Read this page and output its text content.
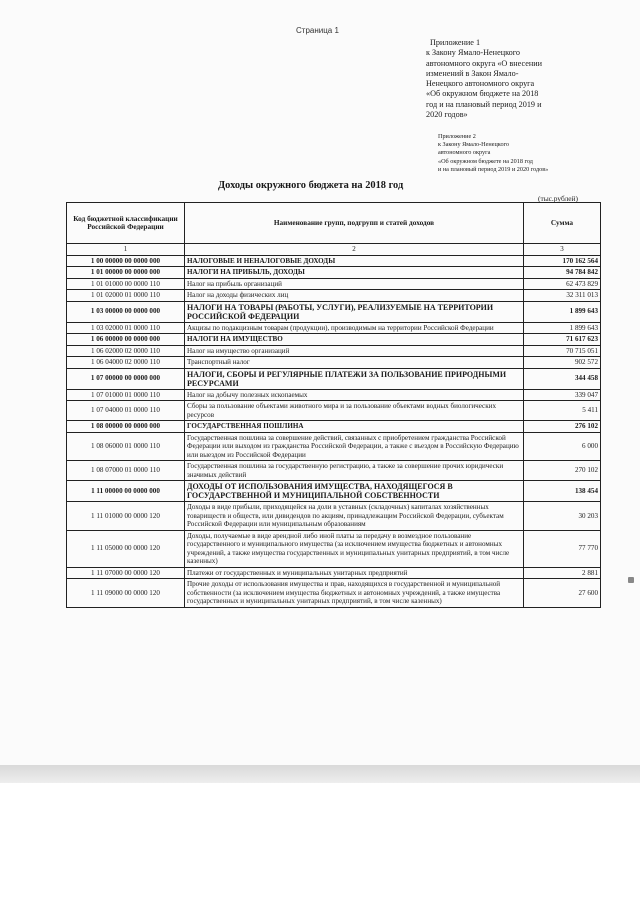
Страница 1
Приложение 1
к Закону Ямало-Ненецкого
автономного округа «О внесении
изменений в Закон Ямало-
Ненецкого автономного округа
«Об окружном бюджете на 2018
год и на плановый период 2019 и
2020 годов»
Приложение 2
к Закону Ямало-Ненецкого
автономного округа
«Об окружном бюджете на 2018 год
и на плановый период 2019 и 2020 годов»
Доходы окружного бюджета на 2018 год
(тыс.рублей)
Код бюджетной классификации Российской Федерации	Наименование групп, подгрупп и статей доходов	Сумма
1	2	3
1 00 00000 00 0000 000	НАЛОГОВЫЕ И НЕНАЛОГОВЫЕ ДОХОДЫ	170 162 564
1 01 00000 00 0000 000	НАЛОГИ НА ПРИБЫЛЬ, ДОХОДЫ	94 784 842
1 01 01000 00 0000 110	Налог на прибыль организаций	62 473 829
1 01 02000 01 0000 110	Налог на доходы физических лиц	32 311 013
1 03 00000 00 0000 000	НАЛОГИ НА ТОВАРЫ (РАБОТЫ, УСЛУГИ), РЕАЛИЗУЕМЫЕ НА ТЕРРИТОРИИ РОССИЙСКОЙ ФЕДЕРАЦИИ	1 899 643
1 03 02000 01 0000 110	Акцизы по подакцизным товарам (продукции), производимым на территории Российской Федерации	1 899 643
1 06 00000 00 0000 000	НАЛОГИ НА ИМУЩЕСТВО	71 617 623
1 06 02000 02 0000 110	Налог на имущество организаций	70 715 051
1 06 04000 02 0000 110	Транспортный налог	902 572
1 07 00000 00 0000 000	НАЛОГИ, СБОРЫ И РЕГУЛЯРНЫЕ ПЛАТЕЖИ ЗА ПОЛЬЗОВАНИЕ ПРИРОДНЫМИ РЕСУРСАМИ	344 458
1 07 01000 01 0000 110	Налог на добычу полезных ископаемых	339 047
1 07 04000 01 0000 110	Сборы за пользование объектами животного мира и за пользование объектами водных биологических ресурсов	5 411
1 08 00000 00 0000 000	ГОСУДАРСТВЕННАЯ ПОШЛИНА	276 102
1 08 06000 01 0000 110	Государственная пошлина за совершение действий, связанных с приобретением гражданства Российской Федерации или выходом из гражданства Российской Федерации, а также с въездом в Российскую Федерацию или выездом из Российской Федерации	6 000
1 08 07000 01 0000 110	Государственная пошлина за государственную регистрацию, а также за совершение прочих юридически значимых действий	270 102
1 11 00000 00 0000 000	ДОХОДЫ ОТ ИСПОЛЬЗОВАНИЯ ИМУЩЕСТВА, НАХОДЯЩЕГОСЯ В ГОСУДАРСТВЕННОЙ И МУНИЦИПАЛЬНОЙ СОБСТВЕННОСТИ	138 454
1 11 01000 00 0000 120	Доходы в виде прибыли, приходящейся на доли в уставных (складочных) капиталах хозяйственных товариществ и обществ, или дивидендов по акциям, принадлежащим Российской Федерации, субъектам Российской Федерации или муниципальным образованиям	30 203
1 11 05000 00 0000 120	Доходы, получаемые в виде арендной либо иной платы за передачу в возмездное пользование государственного и муниципального имущества (за исключением имущества бюджетных и автономных учреждений, а также имущества государственных и муниципальных унитарных предприятий, в том числе казенных)	77 770
1 11 07000 00 0000 120	Платежи от государственных и муниципальных унитарных предприятий	2 881
1 11 09000 00 0000 120	Прочие доходы от использования имущества и прав, находящихся в государственной и муниципальной собственности (за исключением имущества бюджетных и автономных учреждений, а также имущества государственных и муниципальных унитарных предприятий, в том числе казенных)	27 600
